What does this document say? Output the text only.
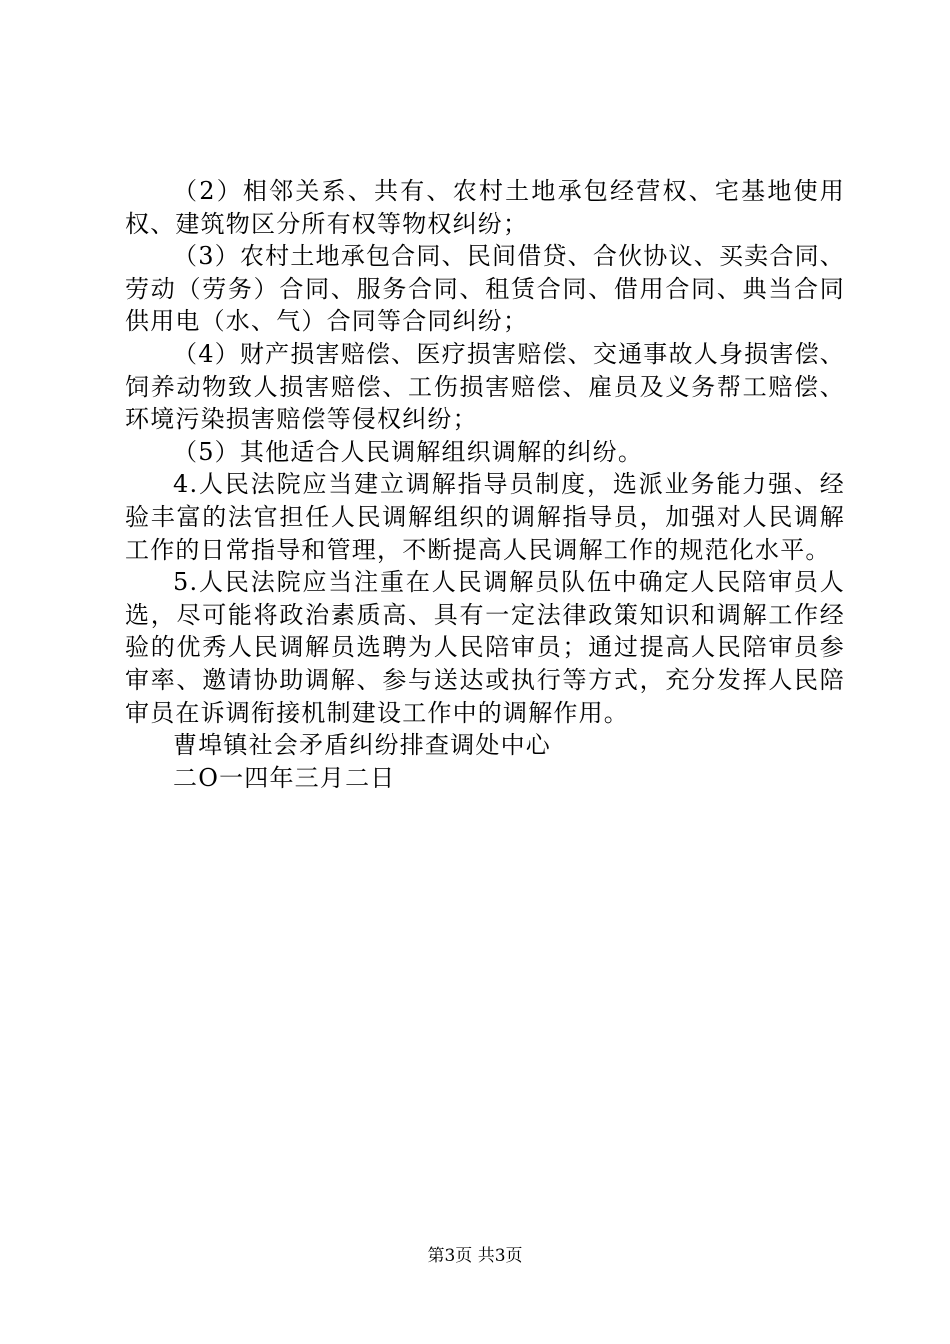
（2）相邻关系、共有、农村土地承包经营权、宅基地使用权、建筑物区分所有权等物权纠纷；

（3）农村土地承包合同、民间借贷、合伙协议、买卖合同、劳动（劳务）合同、服务合同、租赁合同、借用合同、典当合同供用电（水、气）合同等合同纠纷；

（4）财产损害赔偿、医疗损害赔偿、交通事故人身损害偿、饲养动物致人损害赔偿、工伤损害赔偿、雇员及义务帮工赔偿、环境污染损害赔偿等侵权纠纷；

（5）其他适合人民调解组织调解的纠纷。

4.人民法院应当建立调解指导员制度，选派业务能力强、经验丰富的法官担任人民调解组织的调解指导员，加强对人民调解工作的日常指导和管理，不断提高人民调解工作的规范化水平。

5.人民法院应当注重在人民调解员队伍中确定人民陪审员人选，尽可能将政治素质高、具有一定法律政策知识和调解工作经验的优秀人民调解员选聘为人民陪审员；通过提高人民陪审员参审率、邀请协助调解、参与送达或执行等方式，充分发挥人民陪审员在诉调衔接机制建设工作中的调解作用。

曹埠镇社会矛盾纠纷排查调处中心

二O一四年三月二日

第3页 共3页
